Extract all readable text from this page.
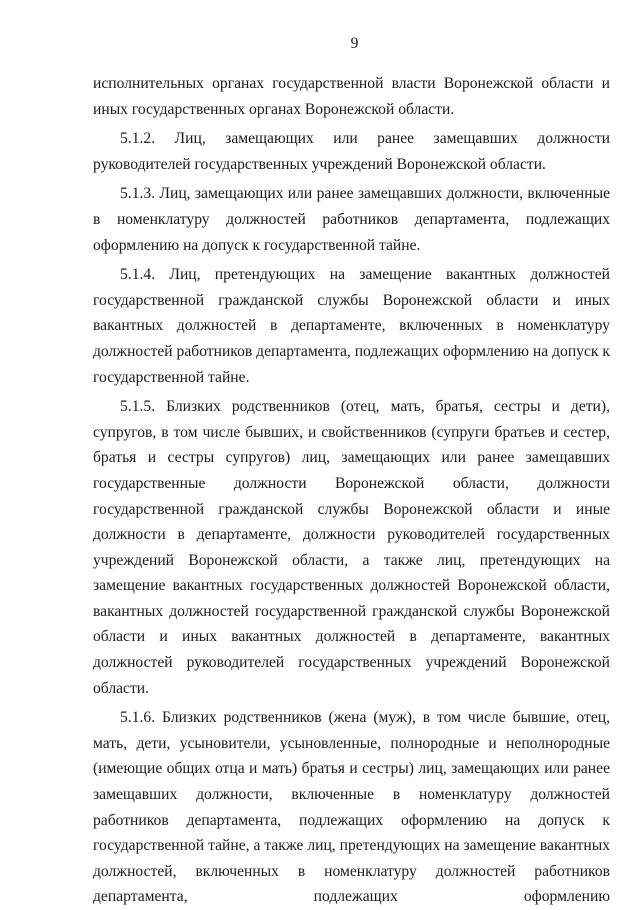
9

исполнительных органах государственной власти Воронежской области и иных государственных органах Воронежской области.

5.1.2. Лиц, замещающих или ранее замещавших должности руководителей государственных учреждений Воронежской области.

5.1.3. Лиц, замещающих или ранее замещавших должности, включенные в номенклатуру должностей работников департамента, подлежащих оформлению на допуск к государственной тайне.

5.1.4. Лиц, претендующих на замещение вакантных должностей государственной гражданской службы Воронежской области и иных вакантных должностей в департаменте, включенных в номенклатуру должностей работников департамента, подлежащих оформлению на допуск к государственной тайне.

5.1.5. Близких родственников (отец, мать, братья, сестры и дети), супругов, в том числе бывших, и свойственников (супруги братьев и сестер, братья и сестры супругов) лиц, замещающих или ранее замещавших государственные должности Воронежской области, должности государственной гражданской службы Воронежской области и иные должности в департаменте, должности руководителей государственных учреждений Воронежской области, а также лиц, претендующих на замещение вакантных государственных должностей Воронежской области, вакантных должностей государственной гражданской службы Воронежской области и иных вакантных должностей в департаменте, вакантных должностей руководителей государственных учреждений Воронежской области.

5.1.6. Близких родственников (жена (муж), в том числе бывшие, отец, мать, дети, усыновители, усыновленные, полнородные и неполнородные (имеющие общих отца и мать) братья и сестры) лиц, замещающих или ранее замещавших должности, включенные в номенклатуру должностей работников департамента, подлежащих оформлению на допуск к государственной тайне, а также лиц, претендующих на замещение вакантных должностей, включенных в номенклатуру должностей работников департамента, подлежащих оформлению
